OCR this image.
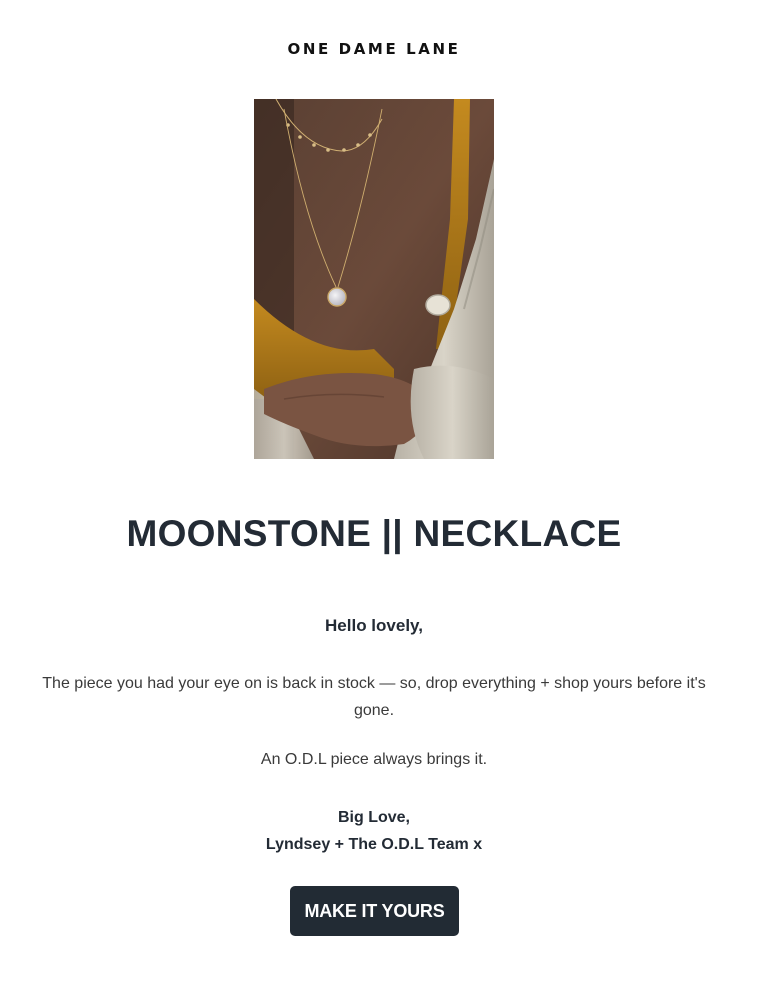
ONE DAME LANE
MOONSTONE || NECKLACE
Hello lovely,
The piece you had your eye on is back in stock — so, drop everything + shop yours before it's gone.
An O.D.L piece always brings it.
Big Love,
Lyndsey + The O.D.L Team x
MAKE IT YOURS
